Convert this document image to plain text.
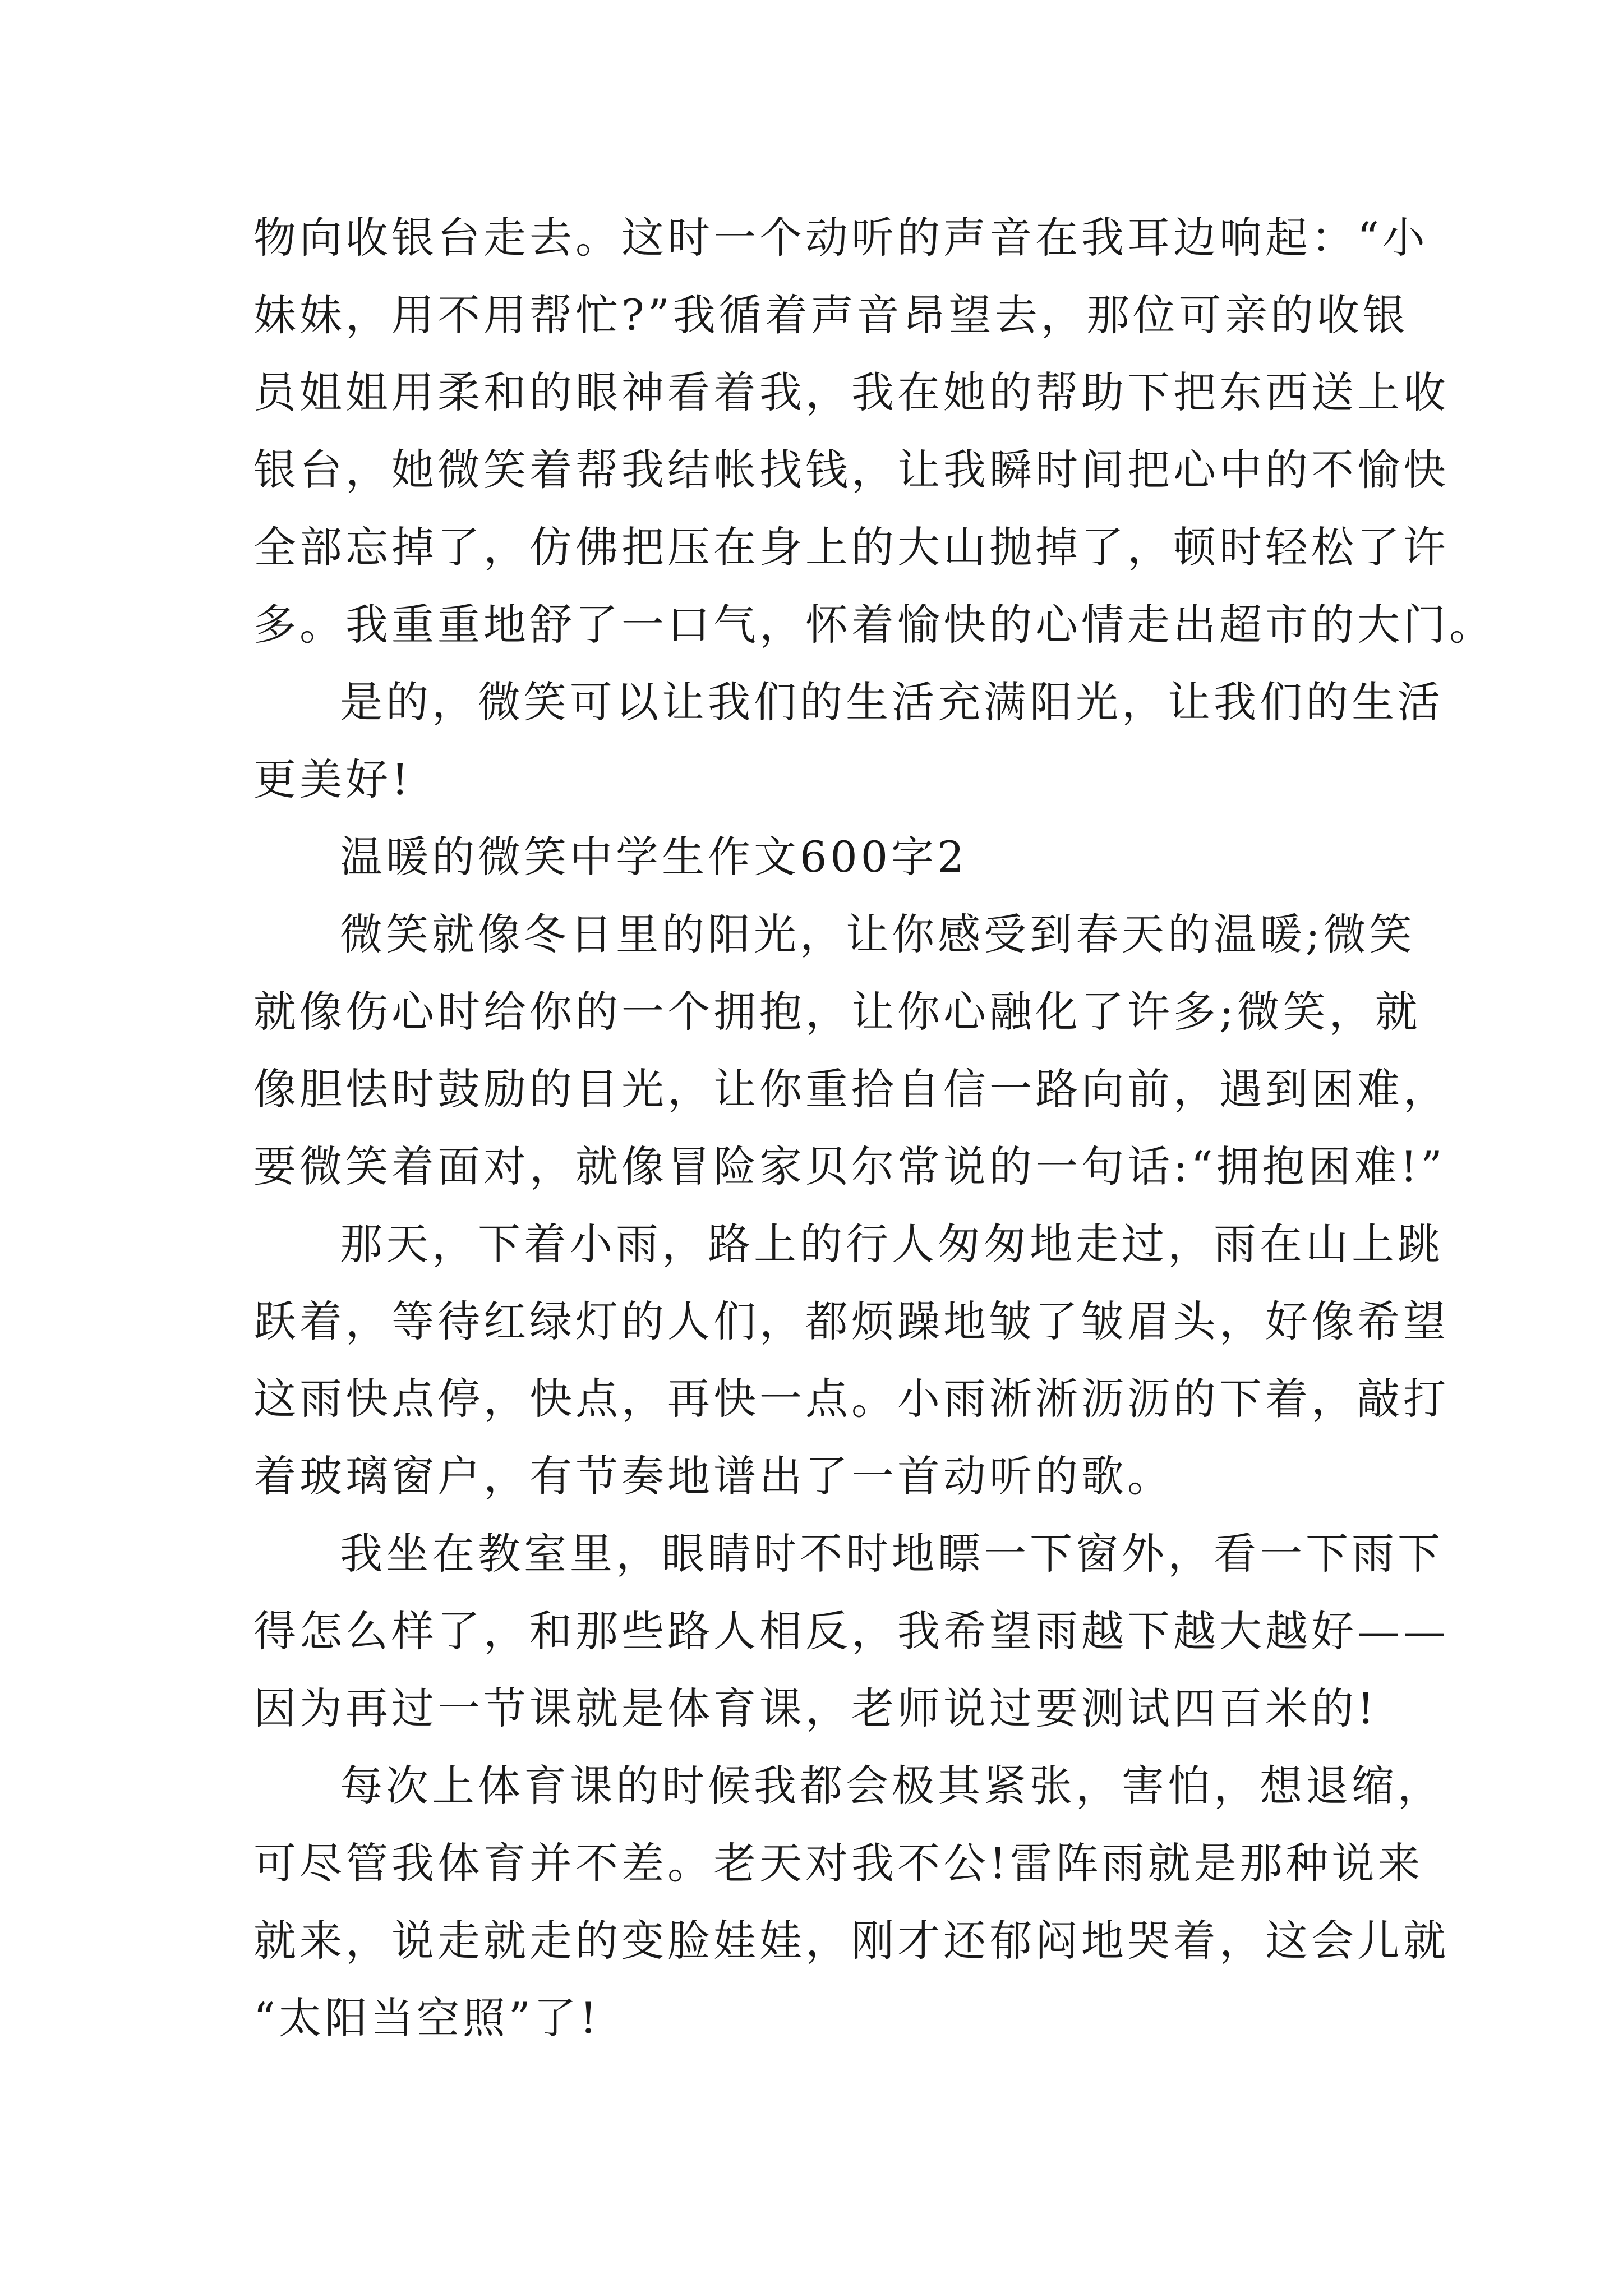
物向收银台走去。这时一个动听的声音在我耳边响起：“小

妹妹，用不用帮忙?”我循着声音昂望去，那位可亲的收银

员姐姐用柔和的眼神看着我，我在她的帮助下把东西送上收

银台，她微笑着帮我结帐找钱，让我瞬时间把心中的不愉快

全部忘掉了，仿佛把压在身上的大山抛掉了，顿时轻松了许

多。我重重地舒了一口气，怀着愉快的心情走出超市的大门。

是的，微笑可以让我们的生活充满阳光，让我们的生活

更美好!

温暖的微笑中学生作文600字2

微笑就像冬日里的阳光，让你感受到春天的温暖;微笑

就像伤心时给你的一个拥抱，让你心融化了许多;微笑，就

像胆怯时鼓励的目光，让你重拾自信一路向前，遇到困难，

要微笑着面对，就像冒险家贝尔常说的一句话:“拥抱困难!”

那天，下着小雨，路上的行人匆匆地走过，雨在山上跳

跃着，等待红绿灯的人们，都烦躁地皱了皱眉头，好像希望

这雨快点停，快点，再快一点。小雨淅淅沥沥的下着，敲打

着玻璃窗户，有节奏地谱出了一首动听的歌。

我坐在教室里，眼睛时不时地瞟一下窗外，看一下雨下

得怎么样了，和那些路人相反，我希望雨越下越大越好——

因为再过一节课就是体育课，老师说过要测试四百米的!

每次上体育课的时候我都会极其紧张，害怕，想退缩，

可尽管我体育并不差。老天对我不公!雷阵雨就是那种说来

就来，说走就走的变脸娃娃，刚才还郁闷地哭着，这会儿就

“太阳当空照”了!
